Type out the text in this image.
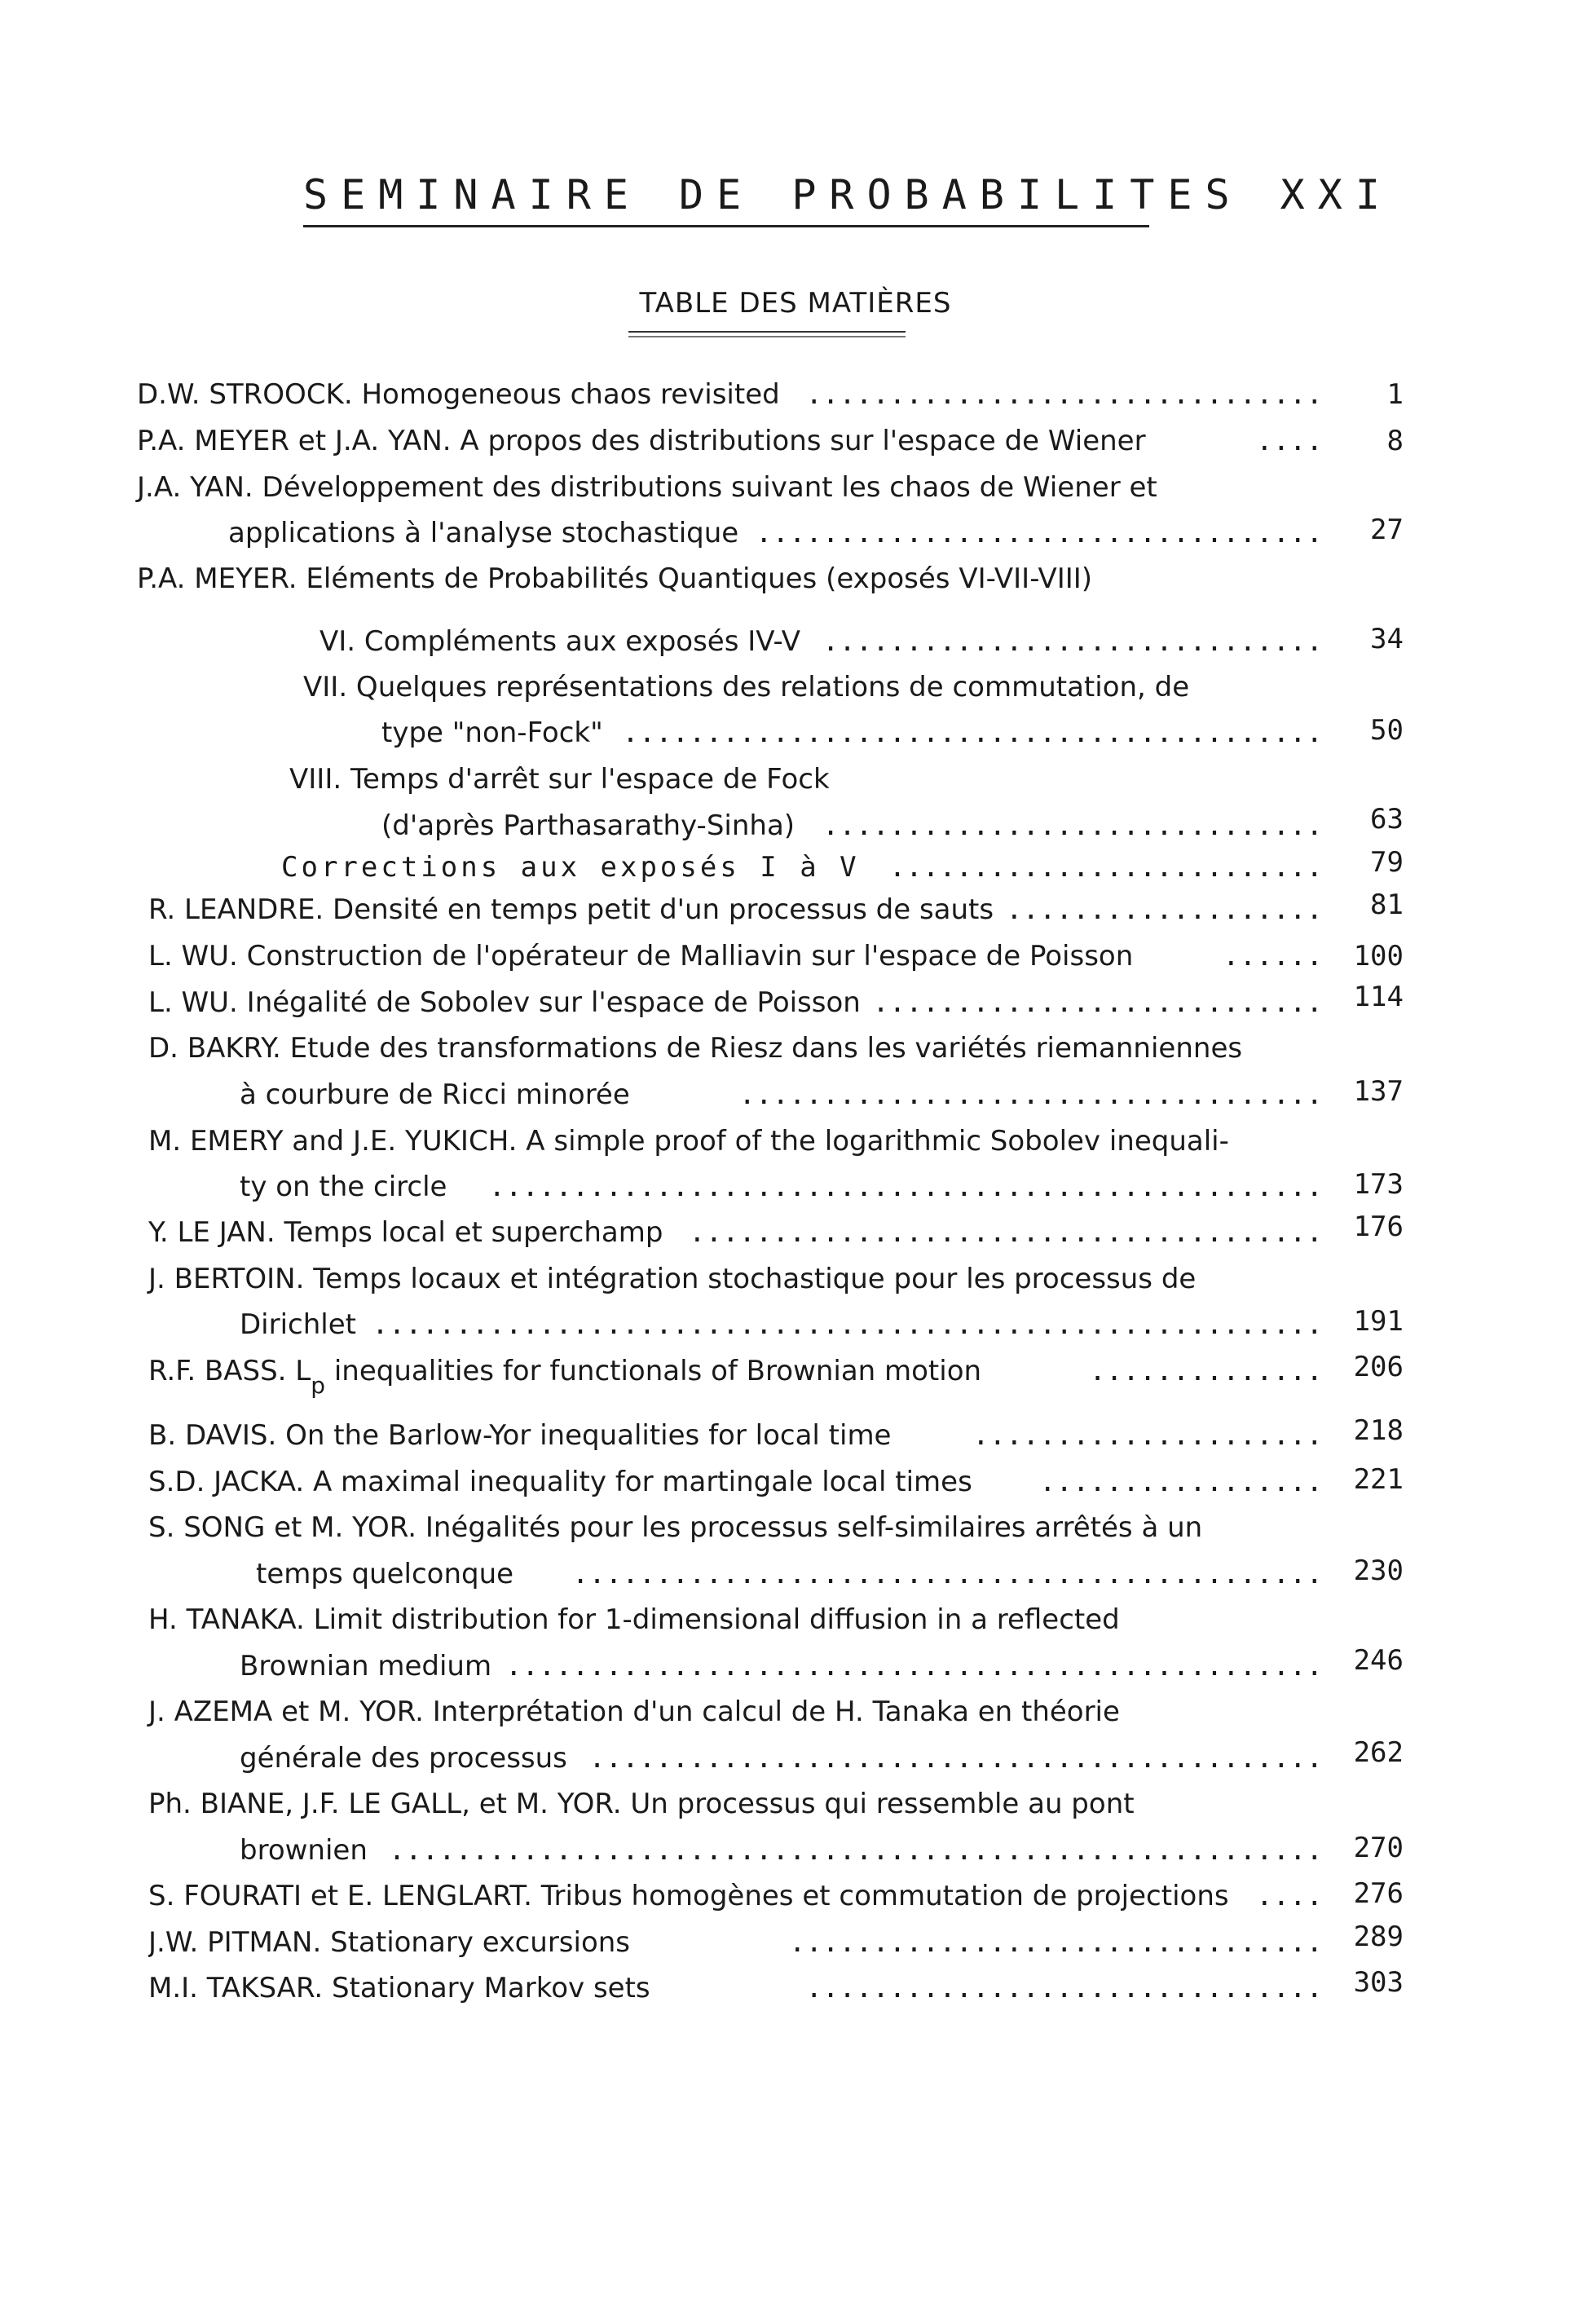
SEMINAIRE DE PROBABILITES XXI
TABLE DES MATIÈRES
D.W. STROOCK. Homogeneous chaos revisited ...............................	1
P.A. MEYER et J.A. YAN. A propos des distributions sur l'espace de Wiener	....	8
J.A. YAN. Développement des distributions suivant les chaos de Wiener et
applications à l'analyse stochastique ..................................	27
P.A. MEYER. Eléments de Probabilités Quantiques (exposés VI-VII-VIII)
VI. Compléments aux exposés IV-V ..............................	34
VII. Quelques représentations des relations de commutation, de
type "non-Fock" ..........................................	50
VIII. Temps d'arrêt sur l'espace de Fock
(d'après Parthasarathy-Sinha) ..............................	63
Corrections aux exposés I à V ..........................	79
R. LEANDRE. Densité en temps petit d'un processus de sauts ...................	81
L. WU. Construction de l'opérateur de Malliavin sur l'espace de Poisson	......	100
L. WU. Inégalité de Sobolev sur l'espace de Poisson ...........................	114
D. BAKRY. Etude des transformations de Riesz dans les variétés riemanniennes
à courbure de Ricci minorée	...................................	137
M. EMERY and J.E. YUKICH. A simple proof of the logarithmic Sobolev inequali-
ty on the circle ..................................................	173
Y. LE JAN. Temps local et superchamp ......................................	176
J. BERTOIN. Temps locaux et intégration stochastique pour les processus de
Dirichlet .........................................................	191
R.F. BASS. $L_p$ inequalities for functionals of Brownian motion	..............	206
B. DAVIS. On the Barlow-Yor inequalities for local time	.....................	218
S.D. JACKA. A maximal inequality for martingale local times .................	221
S. SONG et M. YOR. Inégalités pour les processus self-similaires arrêtés à un
temps quelconque .............................................	230
H. TANAKA. Limit distribution for 1-dimensional diffusion in a reflected
Brownian medium .................................................	246
J. AZEMA et M. YOR. Interprétation d'un calcul de H. Tanaka en théorie
générale des processus ............................................	262
Ph. BIANE, J.F. LE GALL, et M. YOR. Un processus qui ressemble au pont
brownien ........................................................	270
S. FOURATI et E. LENGLART. Tribus homogènes et commutation de projections ....	276
J.W. PITMAN. Stationary excursions	................................	289
M.I. TAKSAR. Stationary Markov sets	...............................	303
